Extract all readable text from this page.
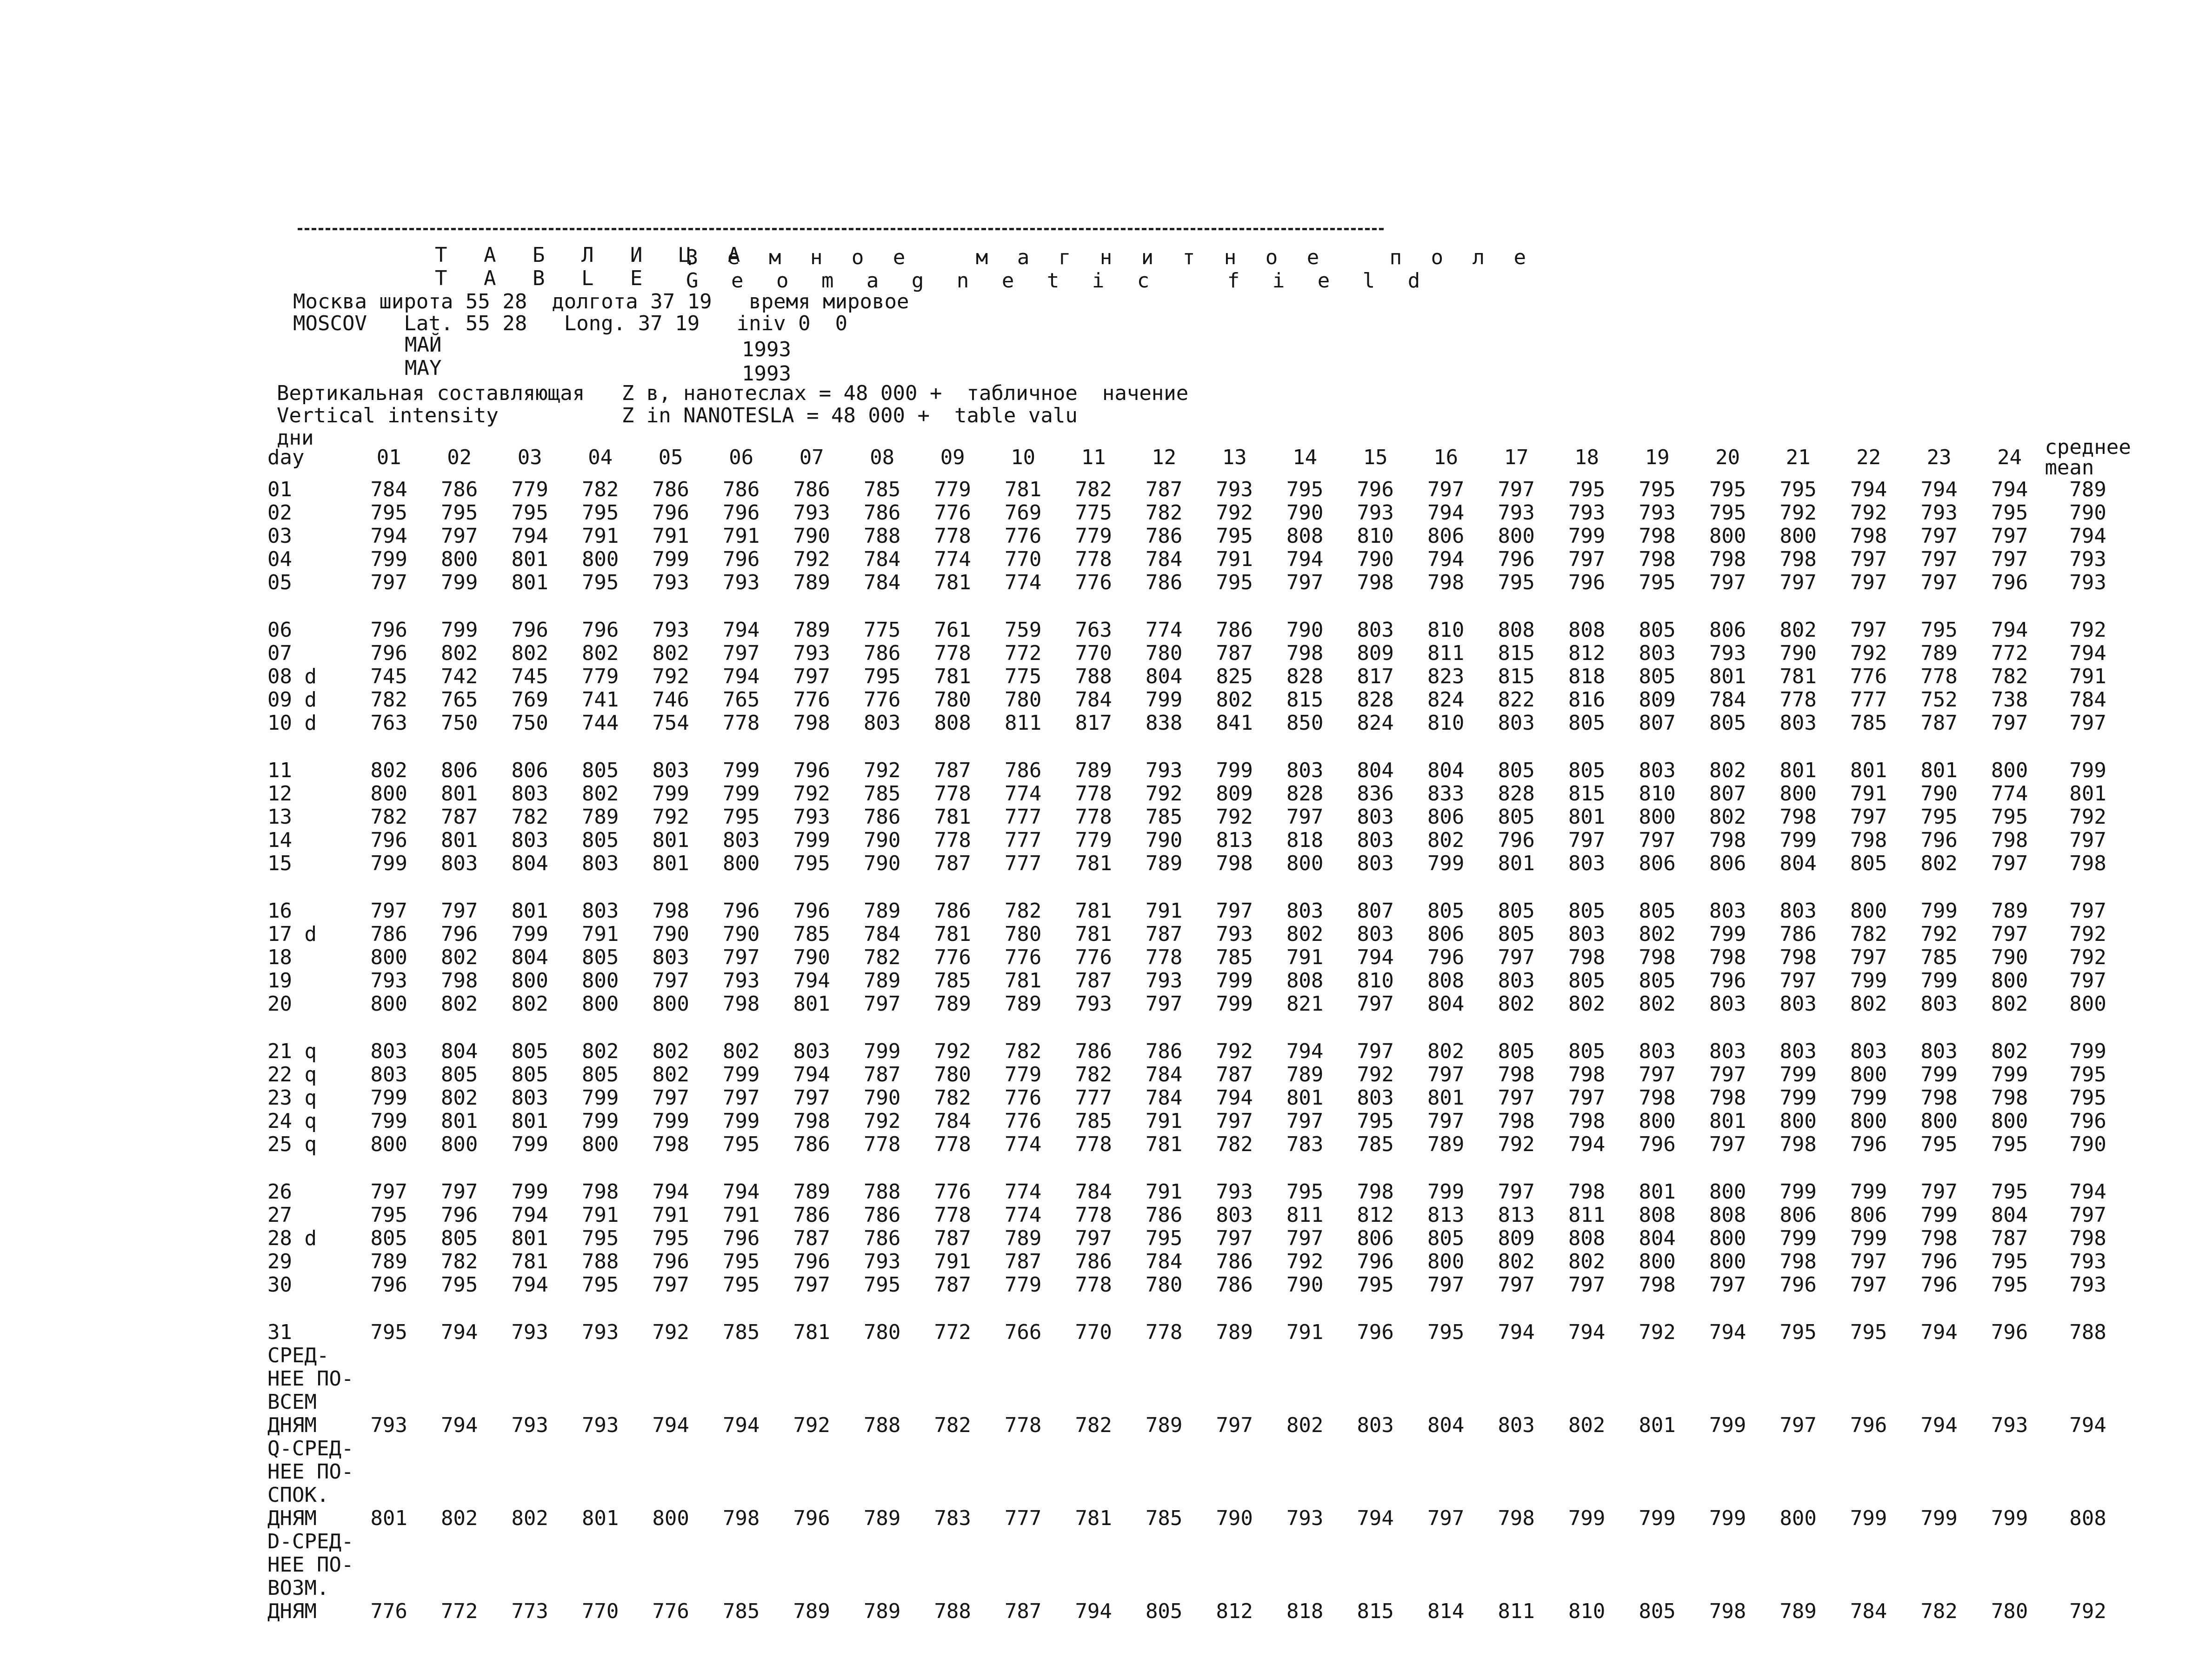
Т А Б Л И Ц А
З е м н о е   м а г н и т н о е   п о л е
T A B L E G e o m a g n e t i c   f i e l d
Москва широта 55 28  долгота 37 19   время мировое
MOSCOV   Lat. 55 28   Long. 37 19   iniv 0  0
МАЙ	1993
MAY	1993
Вертикальная составляющая   Z в, нанотеслах = 48 000 +  табличное  начение
Vertical intensity          Z in NANOTESLA = 48 000 +  table valu
дни
day	01	02	03	04	05	06	07	08	09	10	11	12	13	14	15	16	17	18	19	20	21	22	23	24	среднее
mean

01	784	786	779	782	786	786	786	785	779	781	782	787	793	795	796	797	797	795	795	795	795	794	794	794	789
02	795	795	795	795	796	796	793	786	776	769	775	782	792	790	793	794	793	793	793	795	792	792	793	795	790
03	794	797	794	791	791	791	790	788	778	776	779	786	795	808	810	806	800	799	798	800	800	798	797	797	794
04	799	800	801	800	799	796	792	784	774	770	778	784	791	794	790	794	796	797	798	798	798	797	797	797	793
05	797	799	801	795	793	793	789	784	781	774	776	786	795	797	798	798	795	796	795	797	797	797	797	796	793

06	796	799	796	796	793	794	789	775	761	759	763	774	786	790	803	810	808	808	805	806	802	797	795	794	792
07	796	802	802	802	802	797	793	786	778	772	770	780	787	798	809	811	815	812	803	793	790	792	789	772	794
08 d	745	742	745	779	792	794	797	795	781	775	788	804	825	828	817	823	815	818	805	801	781	776	778	782	791
09 d	782	765	769	741	746	765	776	776	780	780	784	799	802	815	828	824	822	816	809	784	778	777	752	738	784
10 d	763	750	750	744	754	778	798	803	808	811	817	838	841	850	824	810	803	805	807	805	803	785	787	797	797

11	802	806	806	805	803	799	796	792	787	786	789	793	799	803	804	804	805	805	803	802	801	801	801	800	799
12	800	801	803	802	799	799	792	785	778	774	778	792	809	828	836	833	828	815	810	807	800	791	790	774	801
13	782	787	782	789	792	795	793	786	781	777	778	785	792	797	803	806	805	801	800	802	798	797	795	795	792
14	796	801	803	805	801	803	799	790	778	777	779	790	813	818	803	802	796	797	797	798	799	798	796	798	797
15	799	803	804	803	801	800	795	790	787	777	781	789	798	800	803	799	801	803	806	806	804	805	802	797	798

16	797	797	801	803	798	796	796	789	786	782	781	791	797	803	807	805	805	805	805	803	803	800	799	789	797
17 d	786	796	799	791	790	790	785	784	781	780	781	787	793	802	803	806	805	803	802	799	786	782	792	797	792
18	800	802	804	805	803	797	790	782	776	776	776	778	785	791	794	796	797	798	798	798	798	797	785	790	792
19	793	798	800	800	797	793	794	789	785	781	787	793	799	808	810	808	803	805	805	796	797	799	799	800	797
20	800	802	802	800	800	798	801	797	789	789	793	797	799	821	797	804	802	802	802	803	803	802	803	802	800

21 q	803	804	805	802	802	802	803	799	792	782	786	786	792	794	797	802	805	805	803	803	803	803	803	802	799
22 q	803	805	805	805	802	799	794	787	780	779	782	784	787	789	792	797	798	798	797	797	799	800	799	799	795
23 q	799	802	803	799	797	797	797	790	782	776	777	784	794	801	803	801	797	797	798	798	799	799	798	798	795
24 q	799	801	801	799	799	799	798	792	784	776	785	791	797	797	795	797	798	798	800	801	800	800	800	800	796
25 q	800	800	799	800	798	795	786	778	778	774	778	781	782	783	785	789	792	794	796	797	798	796	795	795	790

26	797	797	799	798	794	794	789	788	776	774	784	791	793	795	798	799	797	798	801	800	799	799	797	795	794
27	795	796	794	791	791	791	786	786	778	774	778	786	803	811	812	813	813	811	808	808	806	806	799	804	797
28 d	805	805	801	795	795	796	787	786	787	789	797	795	797	797	806	805	809	808	804	800	799	799	798	787	798
29	789	782	781	788	796	795	796	793	791	787	786	784	786	792	796	800	802	802	800	800	798	797	796	795	793
30	796	795	794	795	797	795	797	795	787	779	778	780	786	790	795	797	797	797	798	797	796	797	796	795	793

31	795	794	793	793	792	785	781	780	772	766	770	778	789	791	796	795	794	794	792	794	795	795	794	796	788

СРЕД-
НЕЕ ПО-
ВСЕМ
ДНЯМ	793	794	793	793	794	794	792	788	782	778	782	789	797	802	803	804	803	802	801	799	797	796	794	793	794

Q-СРЕД-
НЕЕ ПО-
СПОК.
ДНЯМ	801	802	802	801	800	798	796	789	783	777	781	785	790	793	794	797	798	799	799	799	800	799	799	799	808

D-СРЕД-
НЕЕ ПО-
ВОЗМ.
ДНЯМ	776	772	773	770	776	785	789	789	788	787	794	805	812	818	815	814	811	810	805	798	789	784	782	780	792
